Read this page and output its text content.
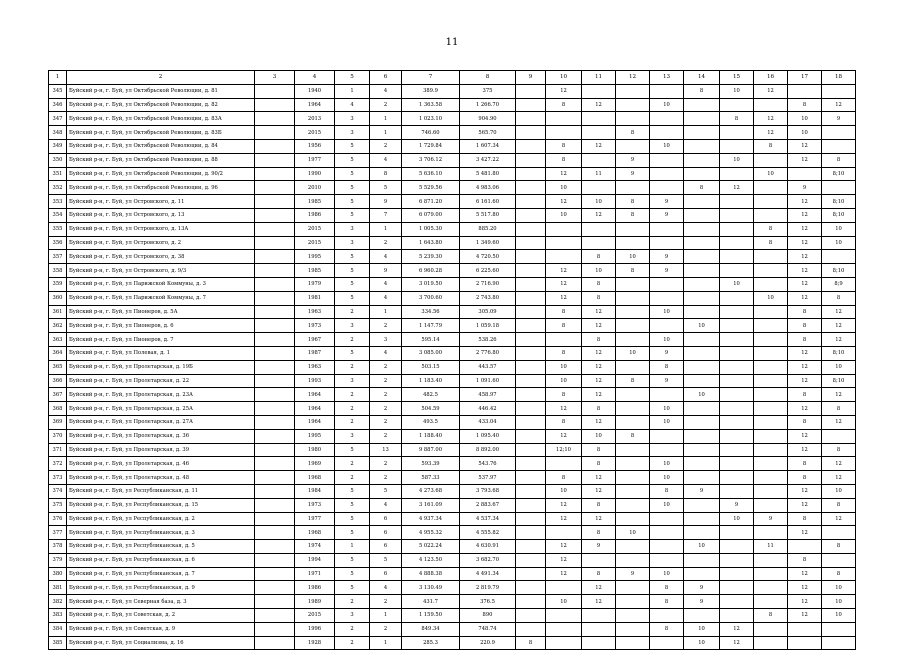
11
1	2	3	4	5	6	7	8	9	10	11	12	13	14	15	16	17	18
345	Буйский р-н, г. Буй, ул Октябрьской Революции, д. 81		1940	1	4	389.9	375		12				8	10	12		
346	Буйский р-н, г. Буй, ул Октябрьской Революции, д. 82		1964	4	2	1 363.58	1 266.70		8	12		10				8	12
347	Буйский р-н, г. Буй, ул Октябрьской Революции, д. 83А		2013	3	1	1 023.10	904.90							8	12	10	9
348	Буйский р-н, г. Буй, ул Октябрьской Революции, д. 83Б		2015	3	1	746.60	565.70				8				12	10	
349	Буйский р-н, г. Буй, ул Октябрьской Революции, д. 84		1956	5	2	1 729.84	1 607.34		8	12		10			8	12	
350	Буйский р-н, г. Буй, ул Октябрьской Революции, д. 88		1977	5	4	3 706.12	3 427.22		8		9			10		12	8
351	Буйский р-н, г. Буй, ул Октябрьской Революции, д. 90/2		1990	5	8	5 636.10	5 481.80		12	11	9				10		8;10
352	Буйский р-н, г. Буй, ул Октябрьской Революции, д. 96		2010	5	5	5 529.56	4 983.06		10				8	12		9	
353	Буйский р-н, г. Буй, ул Островского, д. 11		1985	5	9	6 871.20	6 161.60		12	10	8	9				12	8;10
354	Буйский р-н, г. Буй, ул Островского, д. 13		1986	5	7	6 079.00	5 517.80		10	12	8	9				12	8;10
355	Буйский р-н, г. Буй, ул Островского, д. 13А		2015	3	1	1 005.30	885.20								8	12	10
356	Буйский р-н, г. Буй, ул Островского, д. 2		2015	3	2	1 643.80	1 349.60								8	12	10
357	Буйский р-н, г. Буй, ул Островского, д. 38		1995	5	4	5 239.30	4 720.50			8	10	9				12	
358	Буйский р-н, г. Буй, ул Островского, д. 9/3		1985	5	9	6 960.28	6 225.60		12	10	8	9				12	8;10
359	Буйский р-н, г. Буй, ул Парижской Коммуны, д. 3		1979	5	4	3 019.50	2 716.90		12	8				10		12	8;9
360	Буйский р-н, г. Буй, ул Парижской Коммуны, д. 7		1981	5	4	3 700.60	2 743.80		12	8					10	12	8
361	Буйский р-н, г. Буй, ул Пионеров, д. 5А		1963	2	1	334.56	305.09		8	12		10				8	12
362	Буйский р-н, г. Буй, ул Пионеров, д. 6		1973	3	2	1 147.79	1 059.18		8	12			10			8	12
363	Буйский р-н, г. Буй, ул Пионеров, д. 7		1967	2	3	595.14	538.26			8		10				8	12
364	Буйский р-н, г. Буй, ул Полевая, д. 1		1987	5	4	3 085.00	2 776.80		8	12	10	9				12	8;10
365	Буйский р-н, г. Буй, ул Пролетарская, д. 19Б		1963	2	2	503.15	443.57		10	12		8				12	10
366	Буйский р-н, г. Буй, ул Пролетарская, д. 22		1993	3	2	1 183.40	1 091.60		10	12	8	9				12	8;10
367	Буйский р-н, г. Буй, ул Пролетарская, д. 23А		1964	2	2	482.5	458.97		8	12			10			8	12
368	Буйский р-н, г. Буй, ул Пролетарская, д. 25А		1964	2	2	504.59	446.42		12	8		10				12	8
369	Буйский р-н, г. Буй, ул Пролетарская, д. 27А		1964	2	2	493.5	433.04		8	12		10				8	12
370	Буйский р-н, г. Буй, ул Пролетарская, д. 36		1995	3	2	1 188.40	1 095.40		12	10	8					12	
371	Буйский р-н, г. Буй, ул Пролетарская, д. 39		1980	5	13	9 887.00	8 892.00		12;10	8						12	8
372	Буйский р-н, г. Буй, ул Пролетарская, д. 46		1969	2	2	593.39	543.76			8		10				8	12
373	Буйский р-н, г. Буй, ул Пролетарская, д. 48		1968	2	2	587.33	537.97		8	12		10				8	12
374	Буйский р-н, г. Буй, ул Республиканская, д. 11		1984	5	5	4 273.68	3 793.68		10	12		8	9			12	10
375	Буйский р-н, г. Буй, ул Республиканская, д. 15		1973	5	4	3 161.09	2 883.67		12	8		10		9		12	8
376	Буйский р-н, г. Буй, ул Республиканская, д. 2		1977	5	6	4 937.34	4 537.34		12	12				10	9	8	12
377	Буйский р-н, г. Буй, ул Республиканская, д. 3		1968	5	6	4 955.32	4 555.82			8	10					12	
378	Буйский р-н, г. Буй, ул Республиканская, д. 5		1974	1	6	5 022.24	4 630.91		12	9			10		11		8
379	Буйский р-н, г. Буй, ул Республиканская, д. 6		1994	5	5	4 123.50	3 682.70		12							8	
380	Буйский р-н, г. Буй, ул Республиканская, д. 7		1971	5	6	4 888.38	4 491.34		12	8	9	10				12	8
381	Буйский р-н, г. Буй, ул Республиканская, д. 9		1986	5	4	3 130.49	2 819.79			12		8	9			12	10
382	Буйский р-н, г. Буй, ул Северная база, д. 3		1989	2	2	431.7	376.5		10	12		8	9			12	10
383	Буйский р-н, г. Буй, ул Советская, д. 2		2015	3	1	1 159.50	890								8	12	10
384	Буйский р-н, г. Буй, ул Советская, д. 9		1996	2	2	849.34	748.74					8	10	12			
385	Буйский р-н, г. Буй, ул Социализма, д. 16		1928	2	1	285.3	220.9	8					10	12			
